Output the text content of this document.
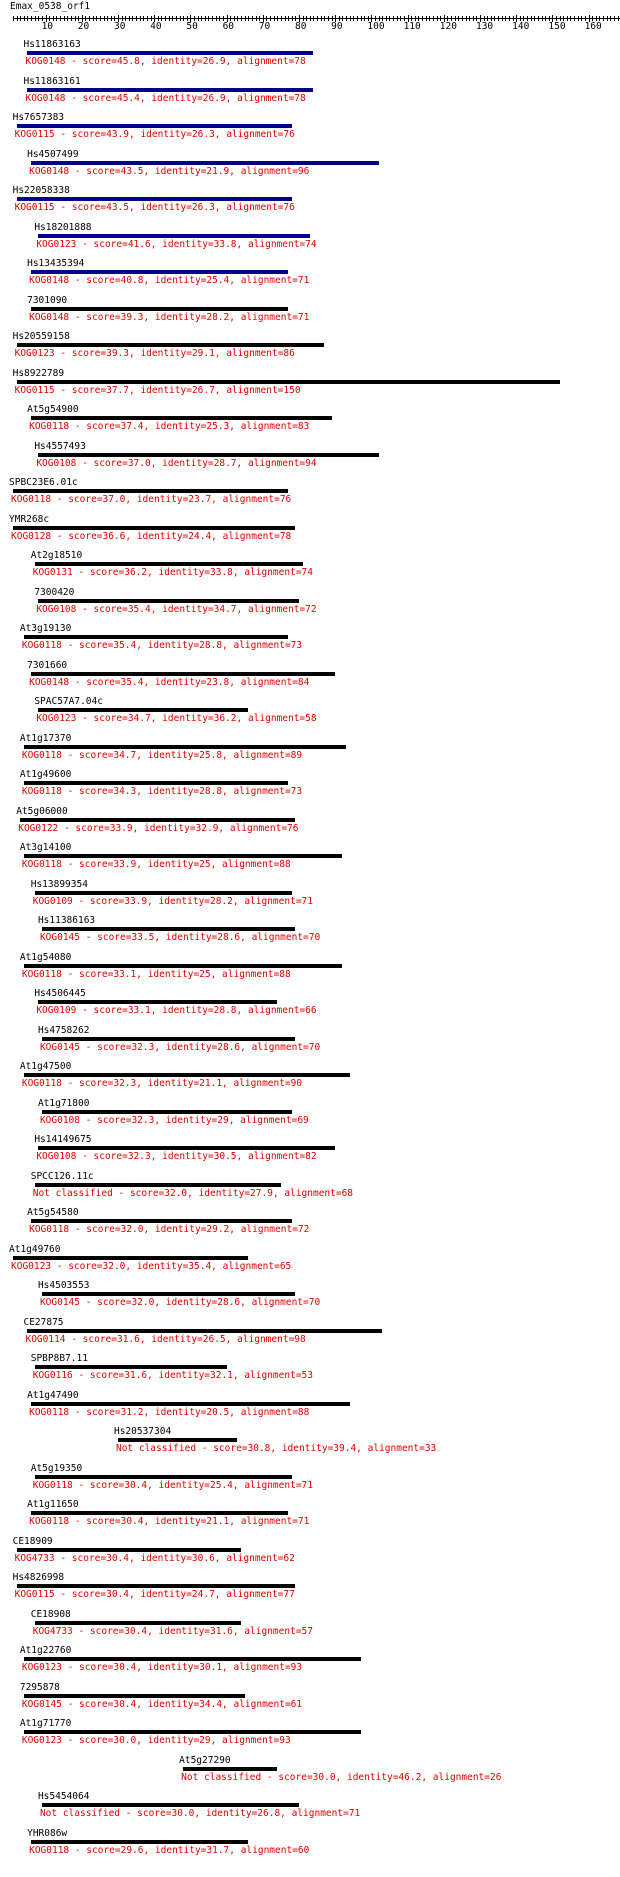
Emax_0538_orf1
10	20	30	40	50	60	70	80	90	100 110 120 130 140 150 160
Hs11863163
KOG0148 - score=45.8, identity=26.9, alignment=78
Hs11863161
KOG0148 - score=45.4, identity=26.9, alignment=78
Hs7657383
KOG0115 - score=43.9, identity=26.3, alignment=76
Hs4507499
KOG0148 - score=43.5, identity=21.9, alignment=96
Hs22058338
KOG0115 - score=43.5, identity=26.3, alignment=76
Hs18201888
KOG0123 - score=41.6, identity=33.8, alignment=74
Hs13435394
KOG0148 - score=40.8, identity=25.4, alignment=71
7301090
KOG0148 - score=39.3, identity=28.2, alignment=71
Hs20559158
KOG0123 - score=39.3, identity=29.1, alignment=86
Hs8922789
KOG0115 - score=37.7, identity=26.7, alignment=150
At5g54900
KOG0118 - score=37.4, identity=25.3, alignment=83
Hs4557493
KOG0108 - score=37.0, identity=28.7, alignment=94
SPBC23E6.01c
KOG0118 - score=37.0, identity=23.7, alignment=76
YMR268c
KOG0128 - score=36.6, identity=24.4, alignment=78
At2g18510
KOG0131 - score=36.2, identity=33.8, alignment=74
7300420
KOG0108 - score=35.4, identity=34.7, alignment=72
At3g19130
KOG0118 - score=35.4, identity=28.8, alignment=73
7301660
KOG0148 - score=35.4, identity=23.8, alignment=84
SPAC57A7.04c
KOG0123 - score=34.7, identity=36.2, alignment=58
At1g17370
KOG0118 - score=34.7, identity=25.8, alignment=89
At1g49600
KOG0118 - score=34.3, identity=28.8, alignment=73
At5g06000
KOG0122 - score=33.9, identity=32.9, alignment=76
At3g14100
KOG0118 - score=33.9, identity=25, alignment=88
Hs13899354
KOG0109 - score=33.9, identity=28.2, alignment=71
Hs11386163
KOG0145 - score=33.5, identity=28.6, alignment=70
At1g54080
KOG0118 - score=33.1, identity=25, alignment=88
Hs4506445
KOG0109 - score=33.1, identity=28.8, alignment=66
Hs4758262
KOG0145 - score=32.3, identity=28.6, alignment=70
At1g47500
KOG0118 - score=32.3, identity=21.1, alignment=90
At1g71800
KOG0108 - score=32.3, identity=29, alignment=69
Hs14149675
KOG0108 - score=32.3, identity=30.5, alignment=82
SPCC126.11c
Not classified - score=32.0, identity=27.9, alignment=68
At5g54580
KOG0118 - score=32.0, identity=29.2, alignment=72
At1g49760
KOG0123 - score=32.0, identity=35.4, alignment=65
Hs4503553
KOG0145 - score=32.0, identity=28.6, alignment=70
CE27875
KOG0114 - score=31.6, identity=26.5, alignment=98
SPBP8B7.11
KOG0116 - score=31.6, identity=32.1, alignment=53
At1g47490
KOG0118 - score=31.2, identity=20.5, alignment=88
Hs20537304
Not classified - score=30.8, identity=39.4, alignment=33
At5g19350
KOG0118 - score=30.4, identity=25.4, alignment=71
At1g11650
KOG0118 - score=30.4, identity=21.1, alignment=71
CE18909
KOG4733 - score=30.4, identity=30.6, alignment=62
Hs4826998
KOG0115 - score=30.4, identity=24.7, alignment=77
CE18908
KOG4733 - score=30.4, identity=31.6, alignment=57
At1g22760
KOG0123 - score=30.4, identity=30.1, alignment=93
7295878
KOG0145 - score=30.4, identity=34.4, alignment=61
At1g71770
KOG0123 - score=30.0, identity=29, alignment=93
At5g27290
Not classified - score=30.0, identity=46.2, alignment=26
Hs5454064
Not classified - score=30.0, identity=26.8, alignment=71
YHR086w
KOG0118 - score=29.6, identity=31.7, alignment=60
